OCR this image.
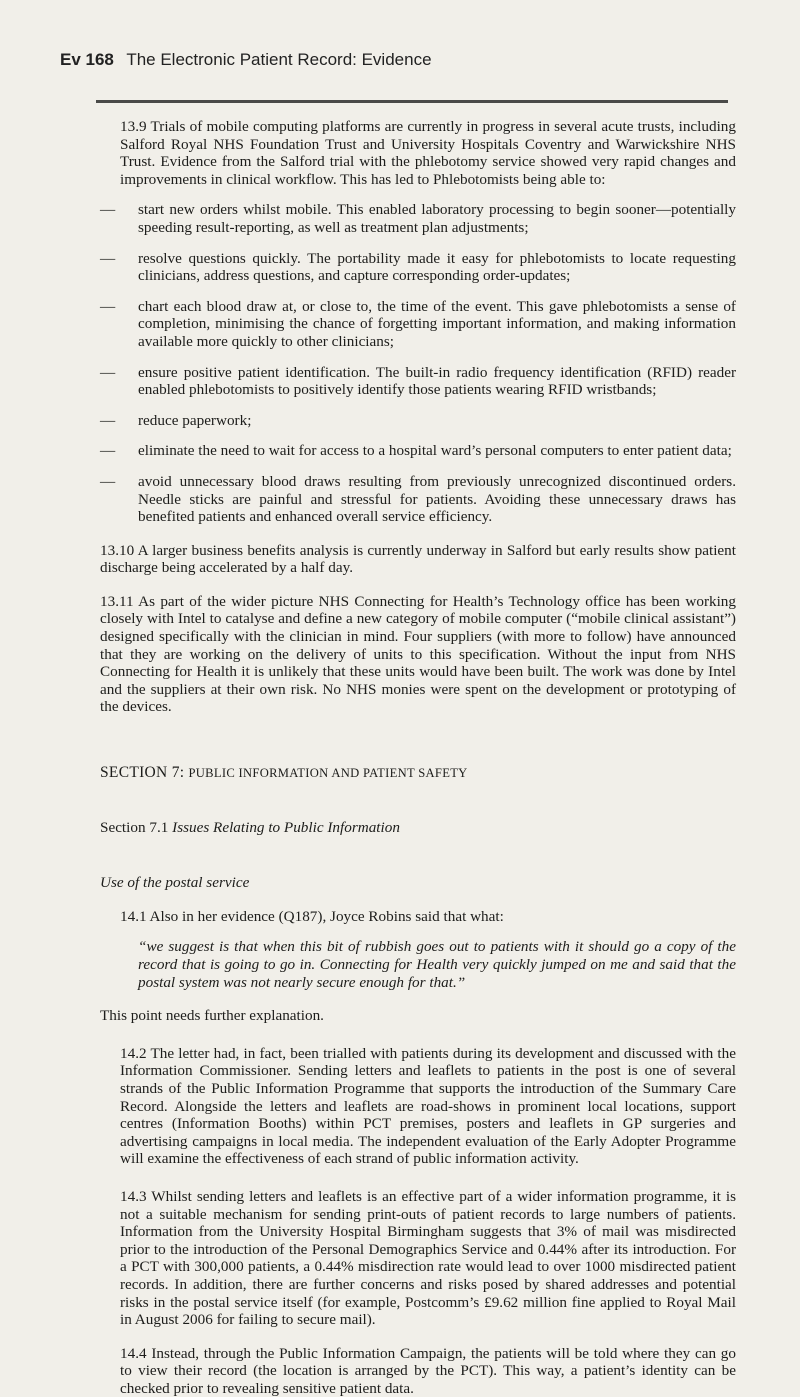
Ev 168 The Electronic Patient Record: Evidence

13.9 Trials of mobile computing platforms are currently in progress in several acute trusts, including Salford Royal NHS Foundation Trust and University Hospitals Coventry and Warwickshire NHS Trust. Evidence from the Salford trial with the phlebotomy service showed very rapid changes and improvements in clinical workflow. This has led to Phlebotomists being able to:

— start new orders whilst mobile. This enabled laboratory processing to begin sooner—potentially speeding result-reporting, as well as treatment plan adjustments;
— resolve questions quickly. The portability made it easy for phlebotomists to locate requesting clinicians, address questions, and capture corresponding order-updates;
— chart each blood draw at, or close to, the time of the event. This gave phlebotomists a sense of completion, minimising the chance of forgetting important information, and making information available more quickly to other clinicians;
— ensure positive patient identification. The built-in radio frequency identification (RFID) reader enabled phlebotomists to positively identify those patients wearing RFID wristbands;
— reduce paperwork;
— eliminate the need to wait for access to a hospital ward’s personal computers to enter patient data;
— avoid unnecessary blood draws resulting from previously unrecognized discontinued orders. Needle sticks are painful and stressful for patients. Avoiding these unnecessary draws has benefited patients and enhanced overall service efficiency.

13.10 A larger business benefits analysis is currently underway in Salford but early results show patient discharge being accelerated by a half day.

13.11 As part of the wider picture NHS Connecting for Health’s Technology office has been working closely with Intel to catalyse and define a new category of mobile computer (“mobile clinical assistant”) designed specifically with the clinician in mind. Four suppliers (with more to follow) have announced that they are working on the delivery of units to this specification. Without the input from NHS Connecting for Health it is unlikely that these units would have been built. The work was done by Intel and the suppliers at their own risk. No NHS monies were spent on the development or prototyping of the devices.

SECTION 7: PUBLIC INFORMATION AND PATIENT SAFETY

Section 7.1 Issues Relating to Public Information

Use of the postal service

14.1 Also in her evidence (Q187), Joyce Robins said that what:

“we suggest is that when this bit of rubbish goes out to patients with it should go a copy of the record that is going to go in. Connecting for Health very quickly jumped on me and said that the postal system was not nearly secure enough for that.”

This point needs further explanation.

14.2 The letter had, in fact, been trialled with patients during its development and discussed with the Information Commissioner. Sending letters and leaflets to patients in the post is one of several strands of the Public Information Programme that supports the introduction of the Summary Care Record. Alongside the letters and leaflets are road-shows in prominent local locations, support centres (Information Booths) within PCT premises, posters and leaflets in GP surgeries and advertising campaigns in local media. The independent evaluation of the Early Adopter Programme will examine the effectiveness of each strand of public information activity.

14.3 Whilst sending letters and leaflets is an effective part of a wider information programme, it is not a suitable mechanism for sending print-outs of patient records to large numbers of patients. Information from the University Hospital Birmingham suggests that 3% of mail was misdirected prior to the introduction of the Personal Demographics Service and 0.44% after its introduction. For a PCT with 300,000 patients, a 0.44% misdirection rate would lead to over 1000 misdirected patient records. In addition, there are further concerns and risks posed by shared addresses and potential risks in the postal service itself (for example, Postcomm’s £9.62 million fine applied to Royal Mail in August 2006 for failing to secure mail).

14.4 Instead, through the Public Information Campaign, the patients will be told where they can go to view their record (the location is arranged by the PCT). This way, a patient’s identity can be checked prior to revealing sensitive patient data.
